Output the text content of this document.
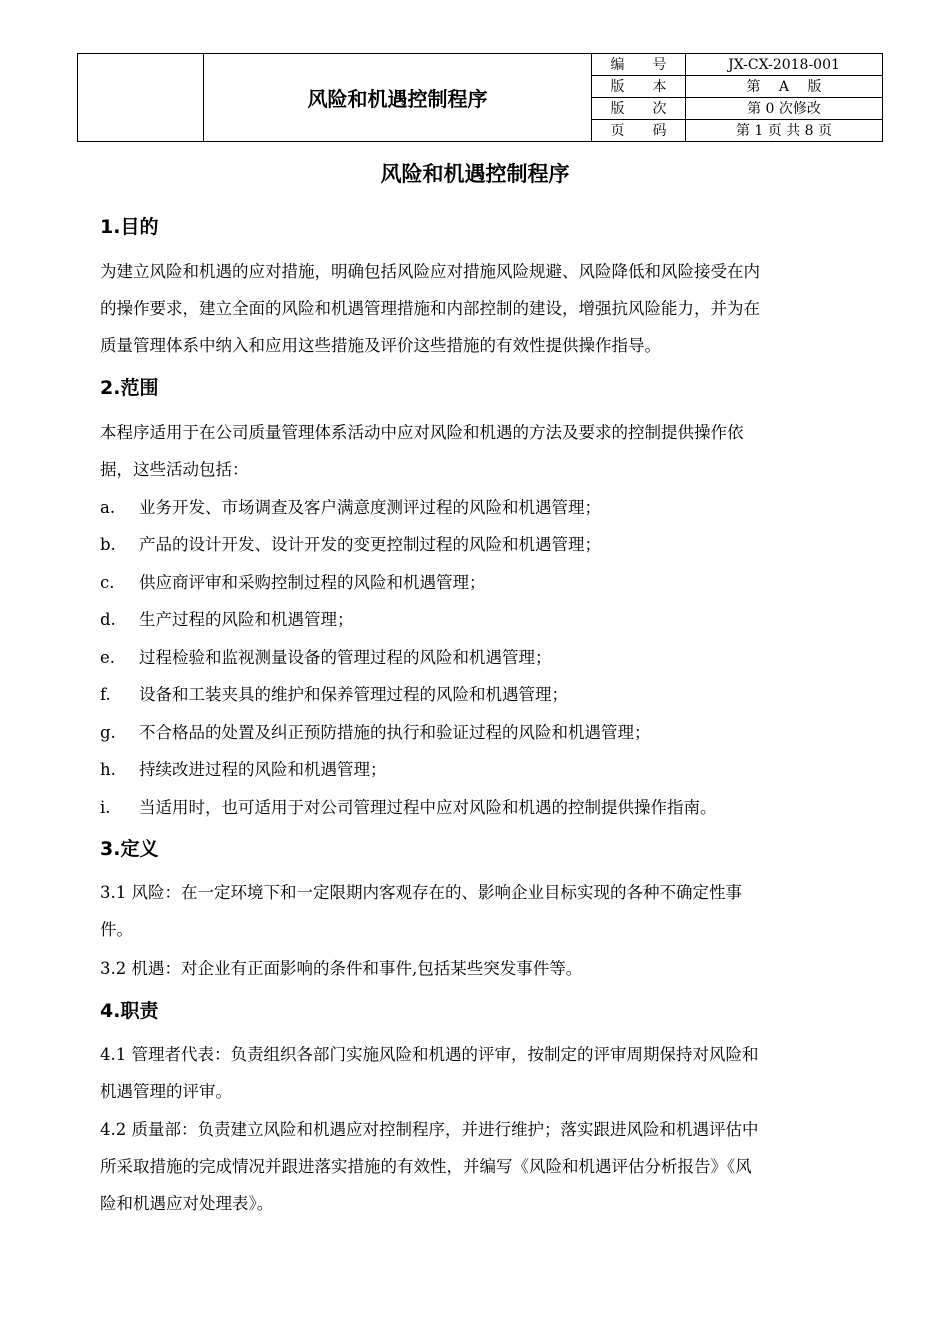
	风险和机遇控制程序	编　　号	JX-CX-2018-001
		版　　本	第　 A　 版
		版　　次	第 0 次修改
		页　　码	第 1 页 共 8 页
风险和机遇控制程序
1.目的
为建立风险和机遇的应对措施，明确包括风险应对措施风险规避、风险降低和风险接受在内
的操作要求，建立全面的风险和机遇管理措施和内部控制的建设，增强抗风险能力，并为在
质量管理体系中纳入和应用这些措施及评价这些措施的有效性提供操作指导。
2.范围
本程序适用于在公司质量管理体系活动中应对风险和机遇的方法及要求的控制提供操作依
据，这些活动包括：
a.	业务开发、市场调查及客户满意度测评过程的风险和机遇管理；
b.	产品的设计开发、设计开发的变更控制过程的风险和机遇管理；
c.	供应商评审和采购控制过程的风险和机遇管理；
d.	生产过程的风险和机遇管理；
e.	过程检验和监视测量设备的管理过程的风险和机遇管理；
f.	设备和工装夹具的维护和保养管理过程的风险和机遇管理；
g.	不合格品的处置及纠正预防措施的执行和验证过程的风险和机遇管理；
h.	持续改进过程的风险和机遇管理；
i.	当适用时，也可适用于对公司管理过程中应对风险和机遇的控制提供操作指南。
3.定义
3.1 风险：在一定环境下和一定限期内客观存在的、影响企业目标实现的各种不确定性事
件。
3.2 机遇：对企业有正面影响的条件和事件,包括某些突发事件等。
4.职责
4.1 管理者代表：负责组织各部门实施风险和机遇的评审，按制定的评审周期保持对风险和
机遇管理的评审。
4.2 质量部：负责建立风险和机遇应对控制程序，并进行维护；落实跟进风险和机遇评估中
所采取措施的完成情况并跟进落实措施的有效性，并编写《风险和机遇评估分析报告》《风
险和机遇应对处理表》。
